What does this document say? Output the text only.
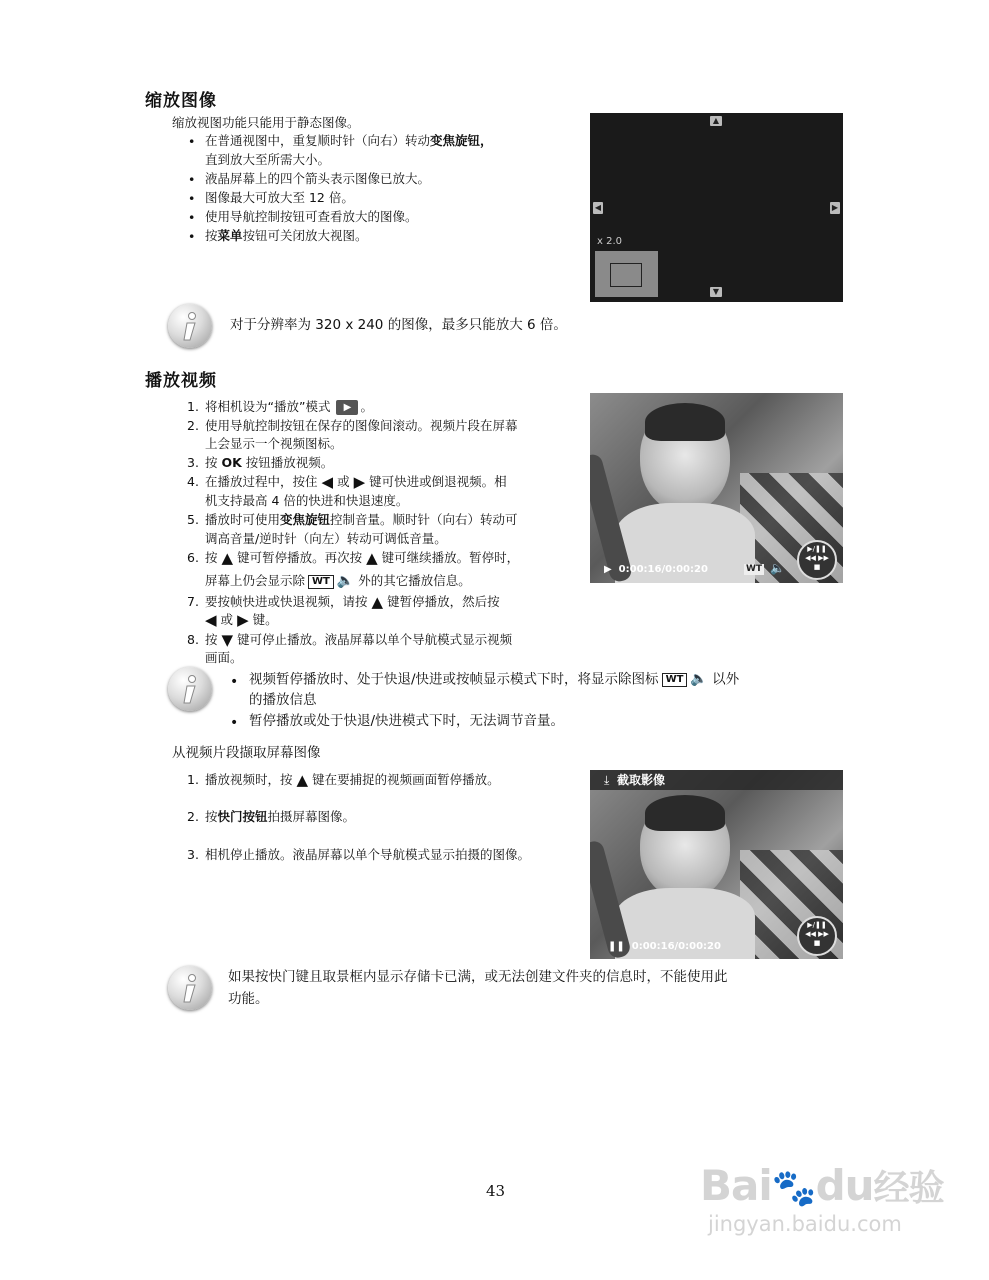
缩放图像
缩放视图功能只能用于静态图像。
• 在普通视图中，重复顺时针（向右）转动变焦旋钮，
直到放大至所需大小。
• 液晶屏幕上的四个箭头表示图像已放大。
• 图像最大可放大至 12 倍。
• 使用导航控制按钮可查看放大的图像。
• 按菜单按钮可关闭放大视图。
▲
◀	▶
▼
x 2.0
对于分辨率为 320 x 240 的图像，最多只能放大 6 倍。
播放视频
1. 将相机设为“播放”模式 ▶ 。
2. 使用导航控制按钮在保存的图像间滚动。视频片段在屏幕
上会显示一个视频图标。
3. 按 OK 按钮播放视频。
4. 在播放过程中，按住 ◀ 或 ▶ 键可快进或倒退视频。相
机支持最高 4 倍的快进和快退速度。
5. 播放时可使用变焦旋钮控制音量。顺时针（向右）转动可
调高音量/逆时针（向左）转动可调低音量。
6. 按 ▲ 键可暂停播放。再次按 ▲ 键可继续播放。暂停时，
屏幕上仍会显示除 WT 🔈 外的其它播放信息。
7. 要按帧快进或快退视频，请按 ▲ 键暂停播放，然后按
◀ 或 ▶ 键。
8. 按 ▼ 键可停止播放。液晶屏幕以单个导航模式显示视频
画面。
▶ 0:00:16/0:00:20	WT 🔈
▶/❚❚
◀◀ ▶▶
■
• 视频暂停播放时、处于快退/快进或按帧显示模式下时，将显示除图标 WT 🔈 以外
的播放信息
• 暂停播放或处于快退/快进模式下时，无法调节音量。
从视频片段撷取屏幕图像
1. 播放视频时，按 ▲ 键在要捕捉的视频画面暂停播放。
2. 按快门按钮拍摄屏幕图像。
3. 相机停止播放。液晶屏幕以单个导航模式显示拍摄的图像。
⤓ 截取影像
❚❚ 0:00:16/0:00:20
▶/❚❚
◀◀ ▶▶
■
如果按快门键且取景框内显示存储卡已满，或无法创建文件夹的信息时，不能使用此
功能。
43	Bai🐾du经验
jingyan.baidu.com
